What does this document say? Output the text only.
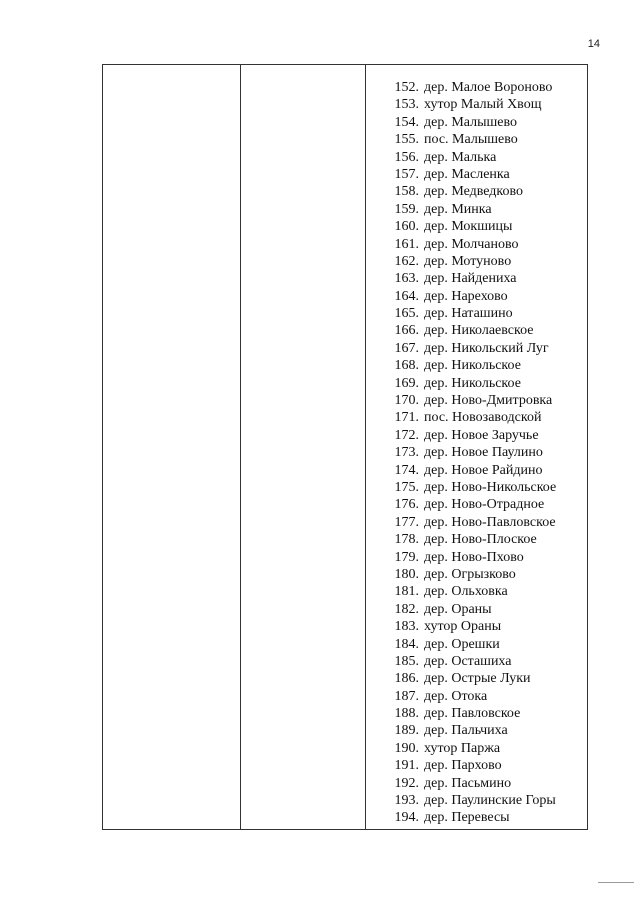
14
152. дер. Малое Вороново
153. хутор Малый Хвощ
154. дер. Малышево
155. пос. Малышево
156. дер. Малька
157. дер. Масленка
158. дер. Медведково
159. дер. Минка
160. дер. Мокшицы
161. дер. Молчаново
162. дер. Мотуново
163. дер. Найдениха
164. дер. Нарехово
165. дер. Наташино
166. дер. Николаевское
167. дер. Никольский Луг
168. дер. Никольское
169. дер. Никольское
170. дер. Ново-Дмитровка
171. пос. Новозаводской
172. дер. Новое Заручье
173. дер. Новое Паулино
174. дер. Новое Райдино
175. дер. Ново-Никольское
176. дер. Ново-Отрадное
177. дер. Ново-Павловское
178. дер. Ново-Плоское
179. дер. Ново-Пхово
180. дер. Огрызково
181. дер. Ольховка
182. дер. Ораны
183. хутор Ораны
184. дер. Орешки
185. дер. Осташиха
186. дер. Острые Луки
187. дер. Отока
188. дер. Павловское
189. дер. Пальчиха
190. хутор Паржа
191. дер. Пархово
192. дер. Пасьмино
193. дер. Паулинские Горы
194. дер. Перевесы
